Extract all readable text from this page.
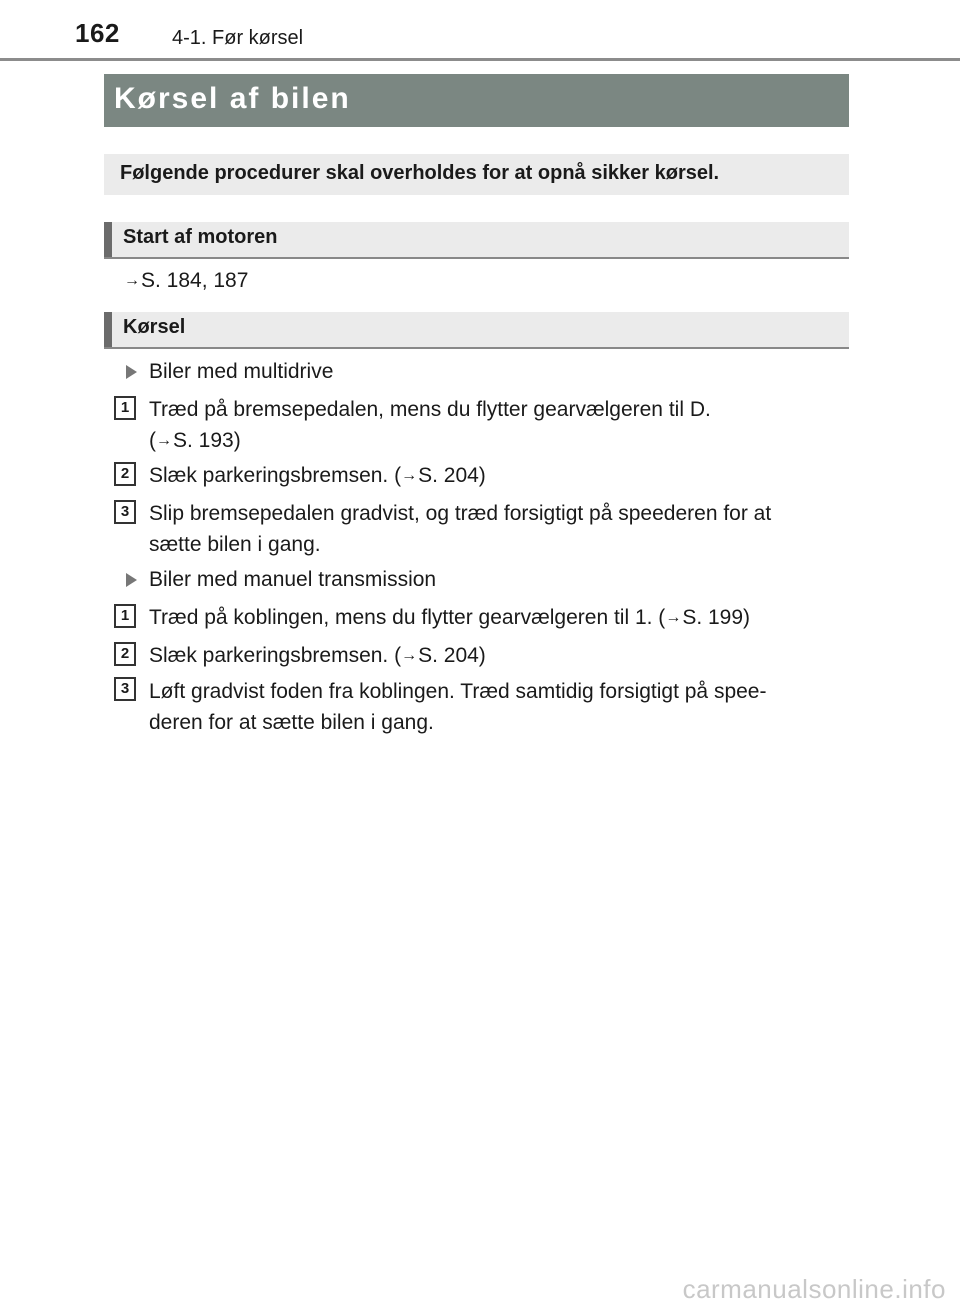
162	4-1. Før kørsel
Kørsel af bilen
Følgende procedurer skal overholdes for at opnå sikker kørsel.
Start af motoren
→S. 184, 187
Kørsel
Biler med multidrive
1 Træd på bremsepedalen, mens du flytter gearvælgeren til D.
(→S. 193)
2 Slæk parkeringsbremsen. (→S. 204)
3 Slip bremsepedalen gradvist, og træd forsigtigt på speederen for at
sætte bilen i gang.
Biler med manuel transmission
1 Træd på koblingen, mens du flytter gearvælgeren til 1. (→S. 199)
2 Slæk parkeringsbremsen. (→S. 204)
3 Løft gradvist foden fra koblingen. Træd samtidig forsigtigt på spee-
deren for at sætte bilen i gang.
carmanualsonline.info
